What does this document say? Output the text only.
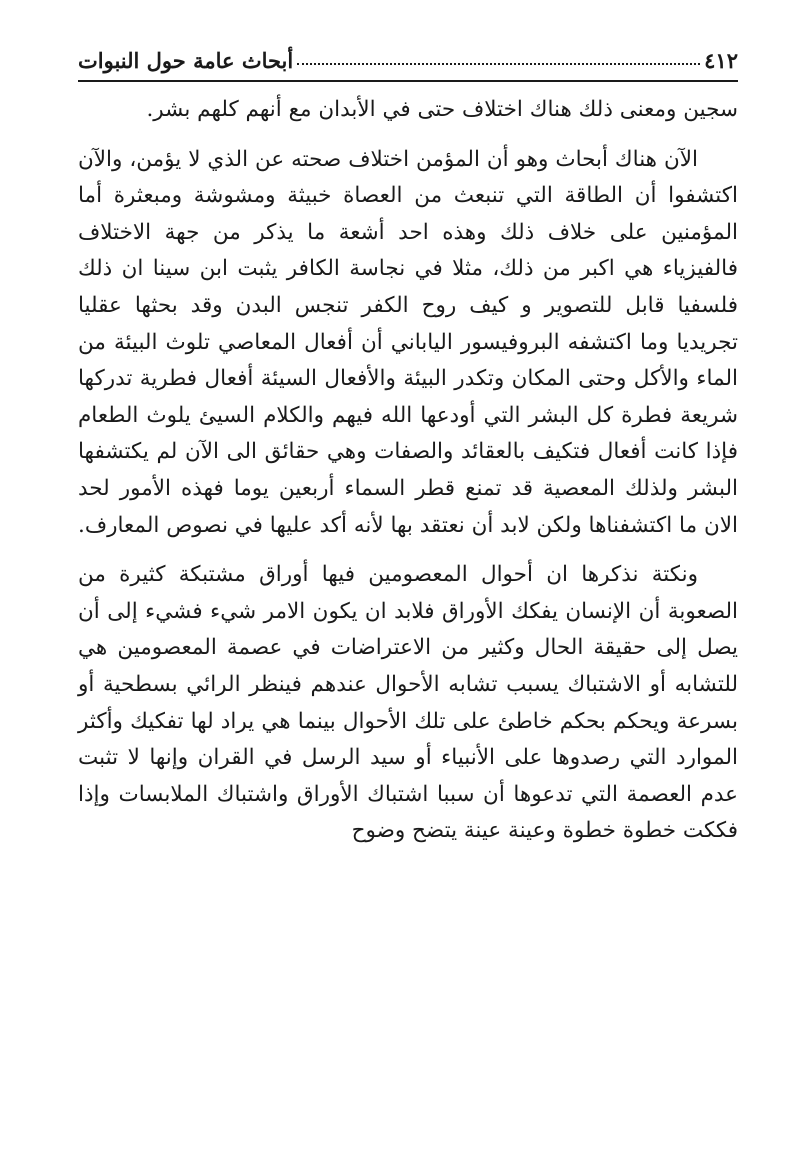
٤١٢
أبحاث عامة حول النبوات

سجين ومعنى ذلك هناك اختلاف حتى في الأبدان مع أنهم كلهم بشر.

الآن هناك أبحاث وهو أن المؤمن اختلاف صحته عن الذي لا يؤمن، والآن اكتشفوا أن الطاقة التي تنبعث من العصاة خبيثة ومشوشة ومبعثرة أما المؤمنين على خلاف ذلك وهذه احد أشعة ما يذكر من جهة الاختلاف فالفيزياء هي اكبر من ذلك، مثلا في نجاسة الكافر يثبت ابن سينا ان ذلك فلسفيا قابل للتصوير و كيف روح الكفر تنجس البدن وقد بحثها عقليا تجريديا وما اكتشفه البروفيسور الياباني أن أفعال المعاصي تلوث البيئة من الماء والأكل وحتى المكان وتكدر البيئة والأفعال السيئة أفعال فطرية تدركها شريعة فطرة كل البشر التي أودعها الله فيهم والكلام السيئ يلوث الطعام فإذا كانت أفعال فتكيف بالعقائد والصفات وهي حقائق الى الآن لم يكتشفها البشر ولذلك المعصية قد تمنع قطر السماء أربعين يوما فهذه الأمور لحد الان ما اكتشفناها ولكن لابد أن نعتقد بها لأنه أكد عليها في نصوص المعارف.

ونكتة نذكرها ان أحوال المعصومين فيها أوراق مشتبكة كثيرة من الصعوبة أن الإنسان يفكك الأوراق فلابد ان يكون الامر شيء فشيء إلى أن يصل إلى حقيقة الحال وكثير من الاعتراضات في عصمة المعصومين هي للتشابه أو الاشتباك يسبب تشابه الأحوال عندهم فينظر الرائي بسطحية أو بسرعة ويحكم بحكم خاطئ على تلك الأحوال بينما هي يراد لها تفكيك وأكثر الموارد التي رصدوها على الأنبياء أو سيد الرسل في القران وإنها لا تثبت عدم العصمة التي تدعوها أن سببا اشتباك الأوراق واشتباك الملابسات وإذا فككت خطوة خطوة وعينة عينة يتضح وضوح
